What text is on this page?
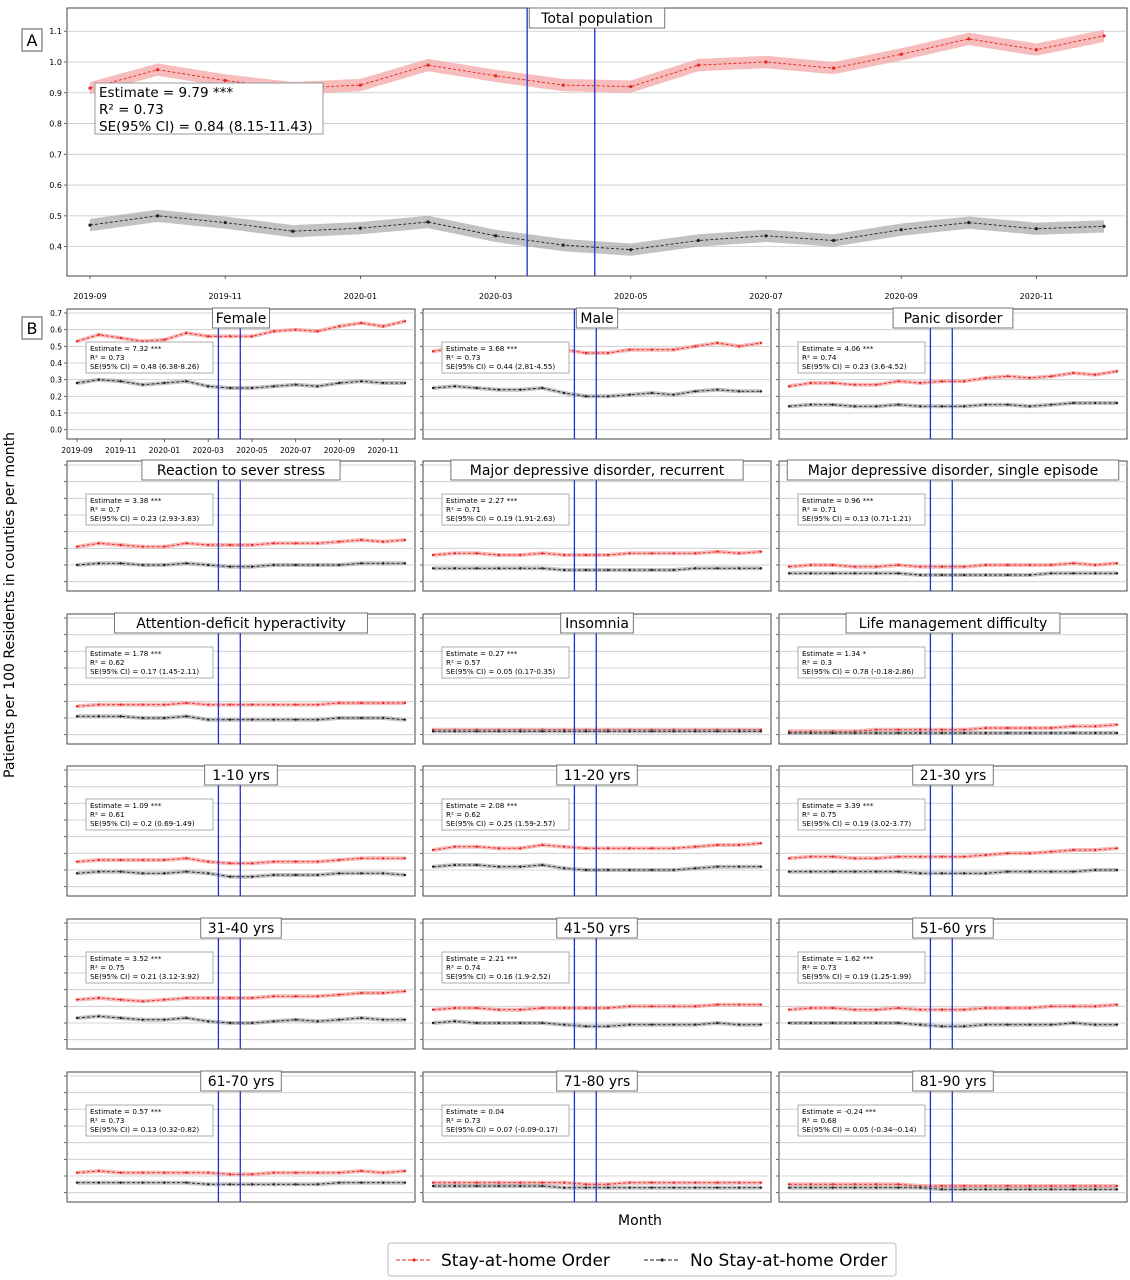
0.4
0.5
0.6
0.7
0.8
0.9
1.0
1.1
2019-09	2019-11	2020-01	2020-03	2020-05	2020-07	2020-09	2020-11
Total population
Estimate = 9.79 ***
R² = 0.73
SE(95% CI) = 0.84 (8.15-11.43)
0.0
0.1
0.2
0.3
0.4
0.5
0.6
0.7
2019-09 2019-11 2020-01 2020-03 2020-05 2020-07 2020-09 2020-11
Female
Estimate = 7.32 ***
R² = 0.73
SE(95% CI) = 0.48 (6.38-8.26)
Male
Estimate = 3.68 ***
R² = 0.73
SE(95% CI) = 0.44 (2.81-4.55)
Panic disorder
Estimate = 4.06 ***
R² = 0.74
SE(95% CI) = 0.23 (3.6-4.52)
Reaction to sever stress
Estimate = 3.38 ***
R² = 0.7
SE(95% CI) = 0.23 (2.93-3.83)
Major depressive disorder, recurrent
Estimate = 2.27 ***
R² = 0.71
SE(95% CI) = 0.19 (1.91-2.63)
Major depressive disorder, single episode
Estimate = 0.96 ***
R² = 0.71
SE(95% CI) = 0.13 (0.71-1.21)
Attention-deficit hyperactivity
Estimate = 1.78 ***
R² = 0.62
SE(95% CI) = 0.17 (1.45-2.11)
Insomnia
Estimate = 0.27 ***
R² = 0.57
SE(95% CI) = 0.05 (0.17-0.35)
Life management difficulty
Estimate = 1.34 *
R² = 0.3
SE(95% CI) = 0.78 (-0.18-2.86)
1-10 yrs
Estimate = 1.09 ***
R² = 0.61
SE(95% CI) = 0.2 (0.69-1.49)
11-20 yrs
Estimate = 2.08 ***
R² = 0.62
SE(95% CI) = 0.25 (1.59-2.57)
21-30 yrs
Estimate = 3.39 ***
R² = 0.75
SE(95% CI) = 0.19 (3.02-3.77)
31-40 yrs
Estimate = 3.52 ***
R² = 0.75
SE(95% CI) = 0.21 (3.12-3.92)
41-50 yrs
Estimate = 2.21 ***
R² = 0.74
SE(95% CI) = 0.16 (1.9-2.52)
51-60 yrs
Estimate = 1.62 ***
R² = 0.73
SE(95% CI) = 0.19 (1.25-1.99)
61-70 yrs
Estimate = 0.57 ***
R² = 0.73
SE(95% CI) = 0.13 (0.32-0.82)
71-80 yrs
Estimate = 0.04
R² = 0.73
SE(95% CI) = 0.07 (-0.09-0.17)
81-90 yrs
Estimate = -0.24 ***
R² = 0.68
SE(95% CI) = 0.05 (-0.34--0.14)
Patients per 100 Residents in counties per month
Month
A
B
Stay-at-home Order	No Stay-at-home Order
